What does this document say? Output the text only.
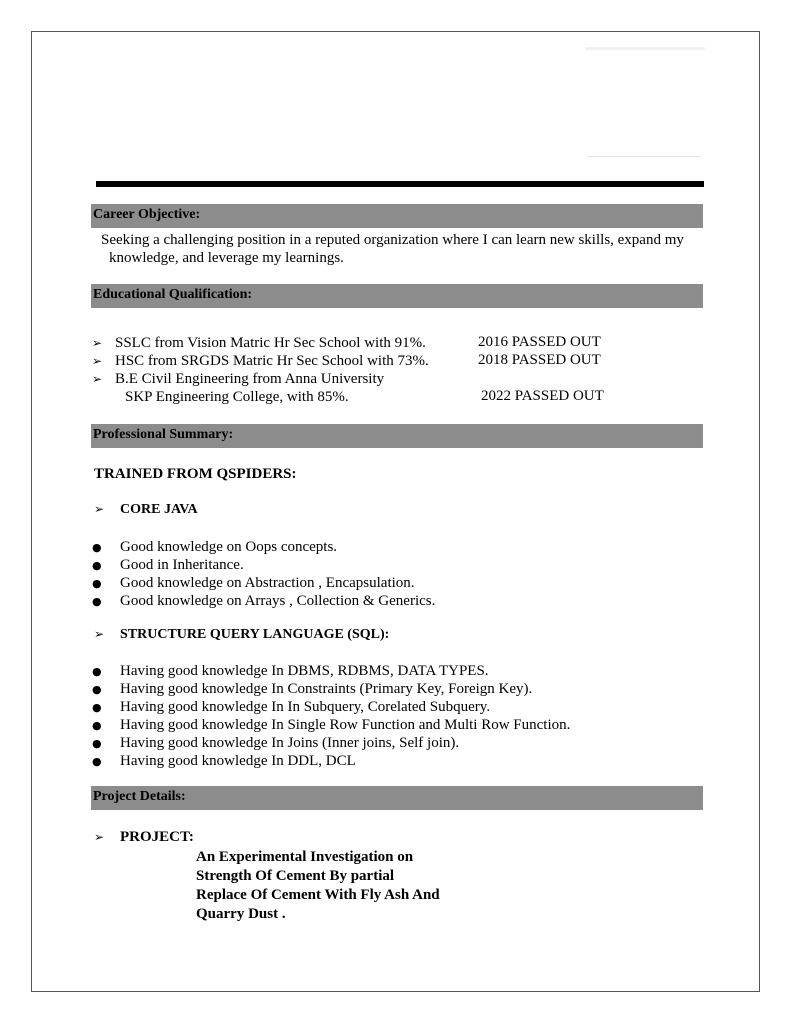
Career Objective:
Seeking a challenging position in a reputed organization where I can learn new skills, expand my
knowledge, and leverage my learnings.
Educational Qualification:
➢ SSLC from Vision Matric Hr Sec School with 91%.	2016 PASSED OUT
➢ HSC from SRGDS Matric Hr Sec School with 73%.	2018 PASSED OUT
➢ B.E Civil Engineering from Anna University
SKP Engineering College, with 85%.	2022 PASSED OUT
Professional Summary:
TRAINED FROM QSPIDERS:
➢ CORE JAVA
● Good knowledge on Oops concepts.
● Good in Inheritance.
● Good knowledge on Abstraction , Encapsulation.
● Good knowledge on Arrays , Collection & Generics.
➢ STRUCTURE QUERY LANGUAGE (SQL):
● Having good knowledge In DBMS, RDBMS, DATA TYPES.
● Having good knowledge In Constraints (Primary Key, Foreign Key).
● Having good knowledge In In Subquery, Corelated Subquery.
● Having good knowledge In Single Row Function and Multi Row Function.
● Having good knowledge In Joins (Inner joins, Self join).
● Having good knowledge In DDL, DCL
Project Details:
➢ PROJECT:
An Experimental Investigation on
Strength Of Cement By partial
Replace Of Cement With Fly Ash And
Quarry Dust .
